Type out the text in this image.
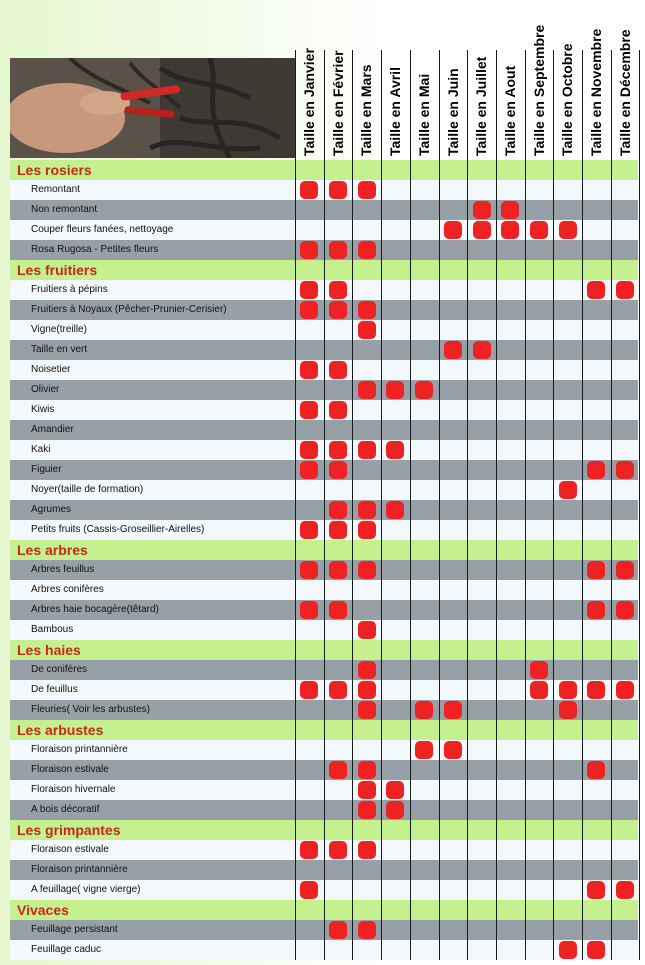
Taille en Janvier Taille en Février Taille en Mars Taille en Avril Taille en Mai Taille en Juin Taille en Juillet Taille en Aout Taille en Septembre Taille en Octobre Taille en Novembre Taille en Décembre
Les rosiers
Remontant
Non remontant
Couper fleurs fanées, nettoyage
Rosa Rugosa - Petites fleurs
Les fruitiers
Fruitiers à pépins
Fruitiers à Noyaux (Pêcher-Prunier-Cerisier)
Vigne(treille)
Taille en vert
Noisetier
Olivier
Kiwis
Amandier
Kaki
Figuier
Noyer(taille de formation)
Agrumes
Petits fruits (Cassis-Groseillier-Airelles)
Les arbres
Arbres feuillus
Arbres conifères
Arbres haie bocagère(têtard)
Bambous
Les haies
De conifères
De feuillus
Fleuries( Voir les arbustes)
Les arbustes
Floraison printannière
Floraison estivale
Floraison hivernale
A bois décoratif
Les grimpantes
Floraison estivale
Floraison printannière
A feuillage( vigne vierge)
Vivaces
Feuillage persistant
Feuillage caduc
